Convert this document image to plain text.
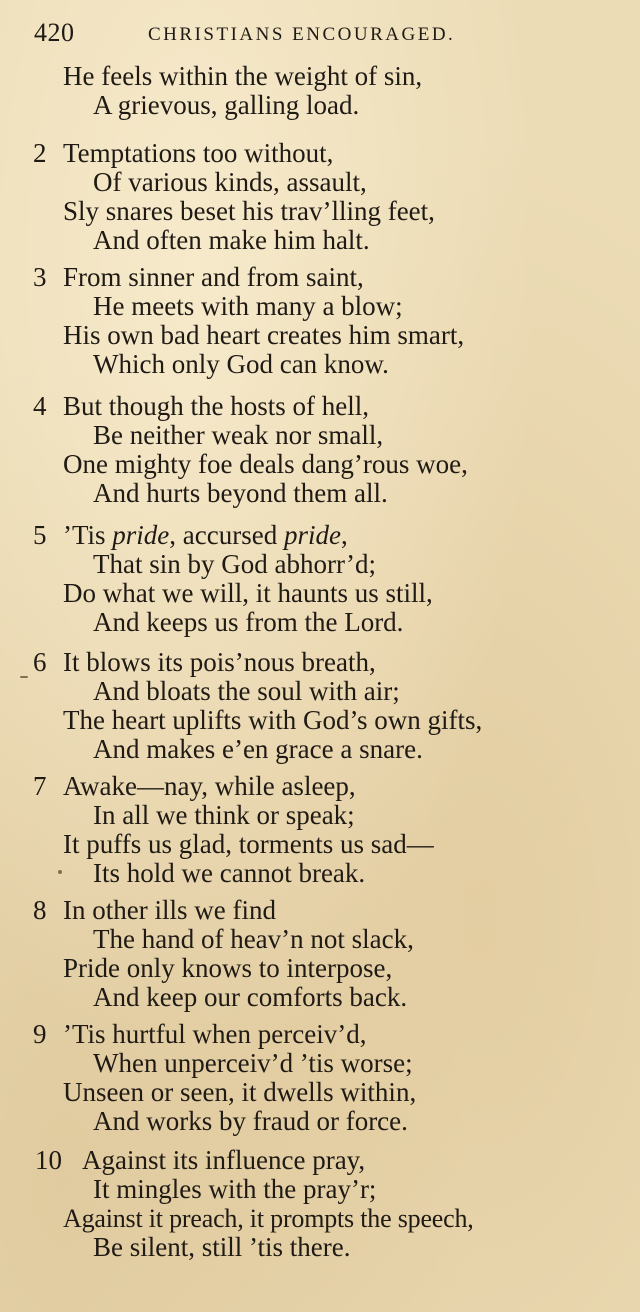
420	CHRISTIANS ENCOURAGED.
He feels within the weight of sin,
A grievous, galling load.
2 Temptations too without,
Of various kinds, assault,
Sly snares beset his trav’lling feet,
And often make him halt.
3 From sinner and from saint,
He meets with many a blow;
His own bad heart creates him smart,
Which only God can know.
4 But though the hosts of hell,
Be neither weak nor small,
One mighty foe deals dang’rous woe,
And hurts beyond them all.
5 ’Tis pride, accursed pride,
That sin by God abhorr’d;
Do what we will, it haunts us still,
And keeps us from the Lord.
6 It blows its pois’nous breath,
And bloats the soul with air;
The heart uplifts with God’s own gifts,
And makes e’en grace a snare.
7 Awake—nay, while asleep,
In all we think or speak;
It puffs us glad, torments us sad—
Its hold we cannot break.
8 In other ills we find
The hand of heav’n not slack,
Pride only knows to interpose,
And keep our comforts back.
9 ’Tis hurtful when perceiv’d,
When unperceiv’d ’tis worse;
Unseen or seen, it dwells within,
And works by fraud or force.
10 Against its influence pray,
It mingles with the pray’r;
Against it preach, it prompts the speech,
Be silent, still ’tis there.
